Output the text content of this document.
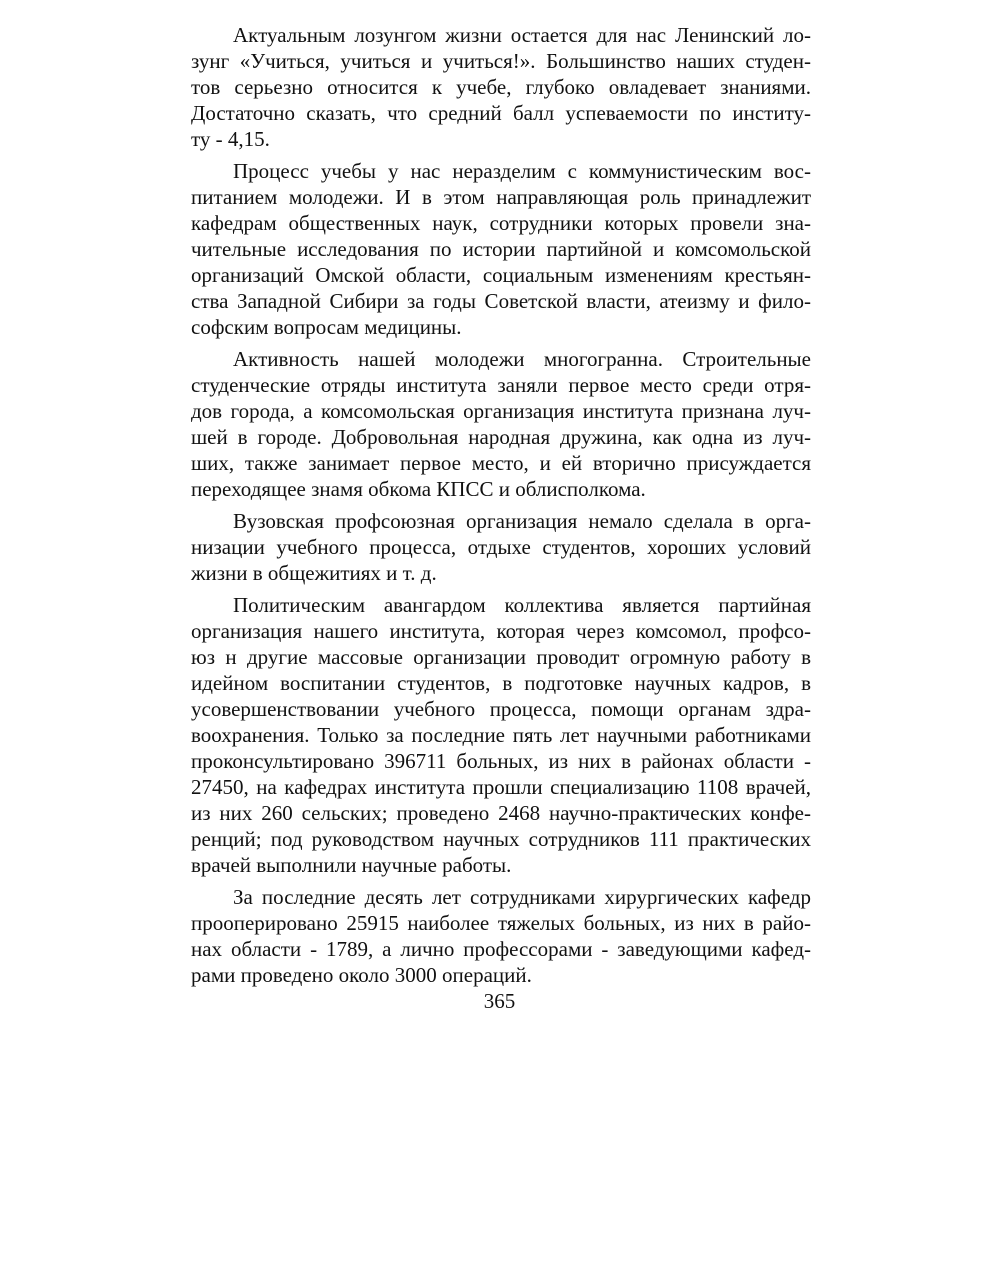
Актуальным лозунгом жизни остается для нас Ленинский ло-
зунг «Учиться, учиться и учиться!». Большинство наших студен-
тов серьезно относится к учебе, глубоко овладевает знаниями.
Достаточно сказать, что средний балл успеваемости по институ-
ту - 4,15.
Процесс учебы у нас неразделим с коммунистическим вос-
питанием молодежи. И в этом направляющая роль принадлежит
кафедрам общественных наук, сотрудники которых провели зна-
чительные исследования по истории партийной и комсомольской
организаций Омской области, социальным изменениям крестьян-
ства Западной Сибири за годы Советской власти, атеизму и фило-
софским вопросам медицины.
Активность нашей молодежи многогранна. Строительные
студенческие отряды института заняли первое место среди отря-
дов города, а комсомольская организация института признана луч-
шей в городе. Добровольная народная дружина, как одна из луч-
ших, также занимает первое место, и ей вторично присуждается
переходящее знамя обкома КПСС и облисполкома.
Вузовская профсоюзная организация немало сделала в орга-
низации учебного процесса, отдыхе студентов, хороших условий
жизни в общежитиях и т. д.
Политическим авангардом коллектива является партийная
организация нашего института, которая через комсомол, профсо-
юз н другие массовые организации проводит огромную работу в
идейном воспитании студентов, в подготовке научных кадров, в
усовершенствовании учебного процесса, помощи органам здра-
воохранения. Только за последние пять лет научными работниками
проконсультировано 396711 больных, из них в районах области -
27450, на кафедрах института прошли специализацию 1108 врачей,
из них 260 сельских; проведено 2468 научно-практических конфе-
ренций; под руководством научных сотрудников 111 практических
врачей выполнили научные работы.
За последние десять лет сотрудниками хирургических кафедр
прооперировано 25915 наиболее тяжелых больных, из них в райо-
нах области - 1789, а лично профессорами - заведующими кафед-
рами проведено около 3000 операций.
365
